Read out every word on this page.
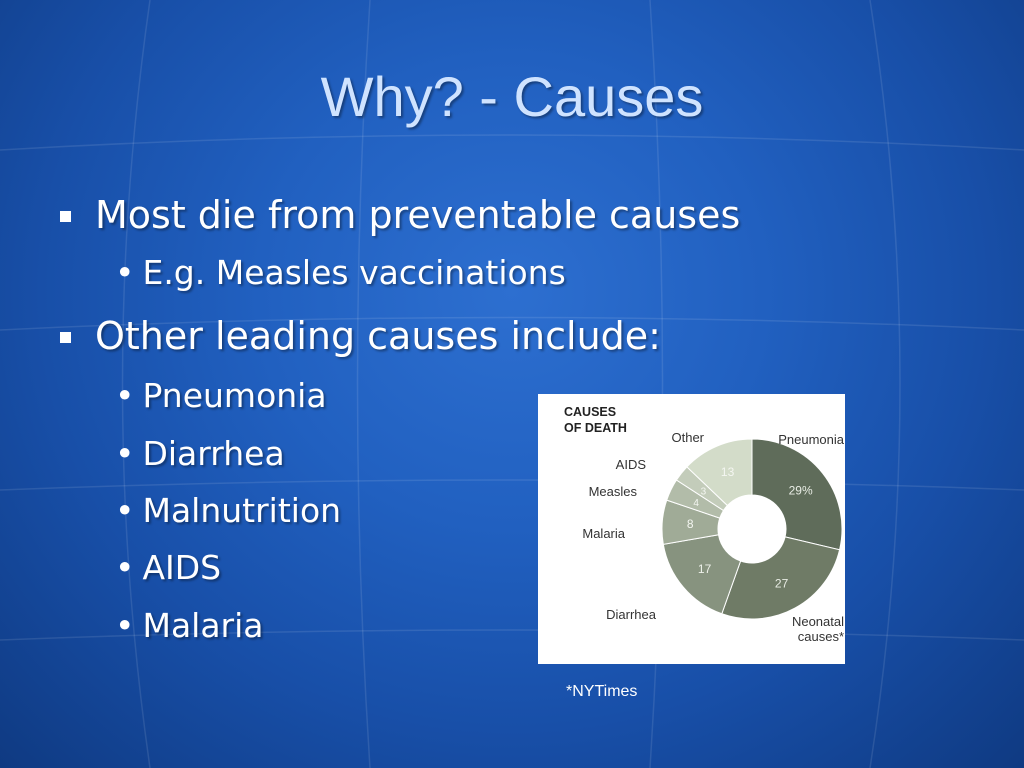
Why? - Causes
Most die from preventable causes
• E.g. Measles vaccinations
Other leading causes include:
• Pneumonia
• Diarrhea
• Malnutrition
• AIDS
• Malaria
CAUSES
OF DEATH
29%
27
17
8
4
3
13
Pneumonia
Neonatal
causes*
Diarrhea
Malaria
Measles
AIDS
Other
*NYTimes
